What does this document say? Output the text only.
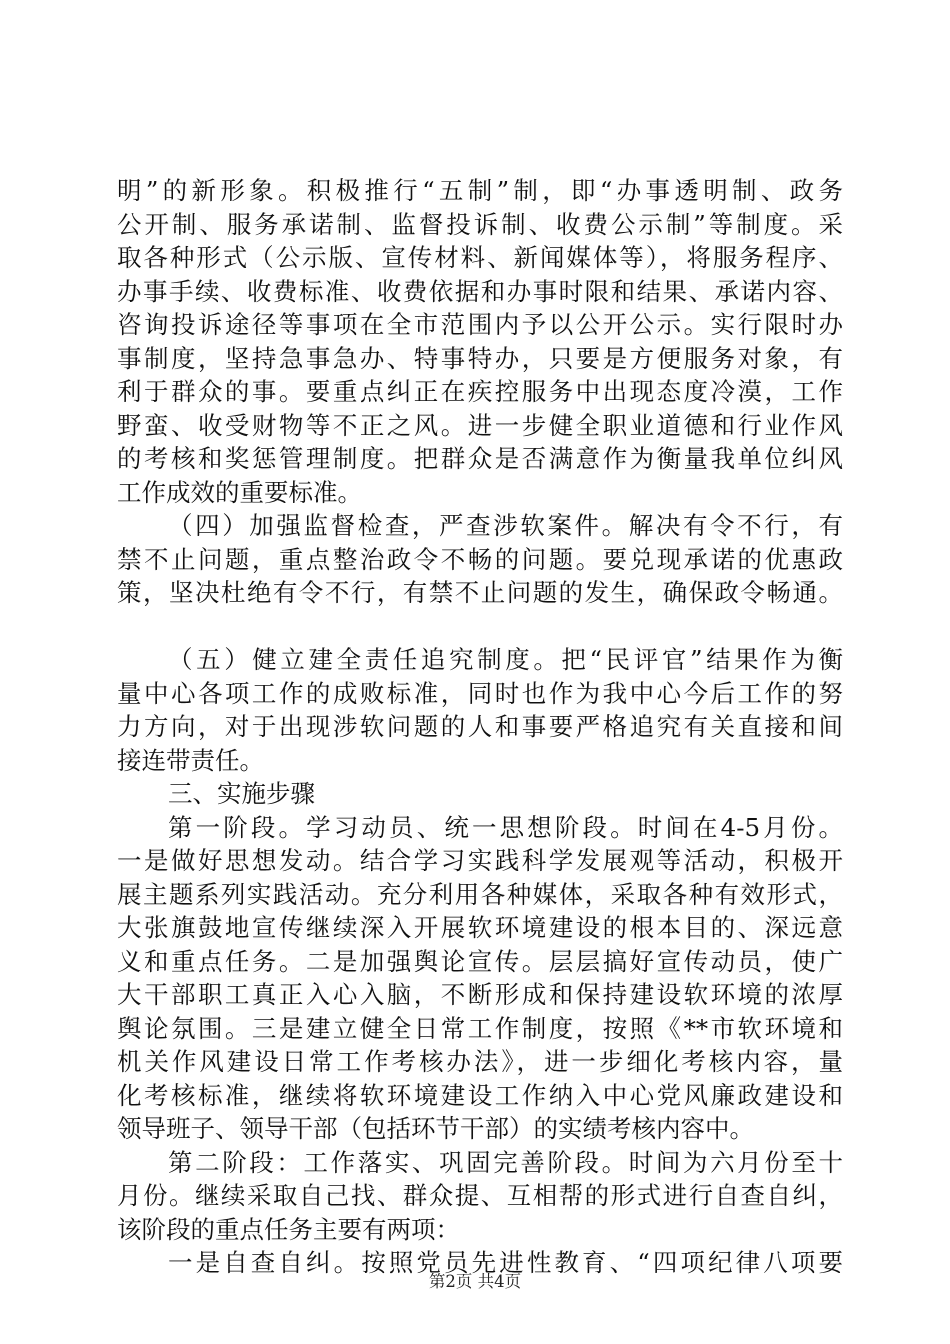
明”的新形象。积极推行“五制”制，即“办事透明制、政务
公开制、服务承诺制、监督投诉制、收费公示制”等制度。采
取各种形式（公示版、宣传材料、新闻媒体等），将服务程序、
办事手续、收费标准、收费依据和办事时限和结果、承诺内容、
咨询投诉途径等事项在全市范围内予以公开公示。实行限时办
事制度，坚持急事急办、特事特办，只要是方便服务对象，有
利于群众的事。要重点纠正在疾控服务中出现态度冷漠，工作
野蛮、收受财物等不正之风。进一步健全职业道德和行业作风
的考核和奖惩管理制度。把群众是否满意作为衡量我单位纠风
工作成效的重要标准。
（四）加强监督检查，严查涉软案件。解决有令不行，有
禁不止问题，重点整治政令不畅的问题。要兑现承诺的优惠政
策，坚决杜绝有令不行，有禁不止问题的发生，确保政令畅通。
（五）健立建全责任追究制度。把“民评官”结果作为衡
量中心各项工作的成败标准，同时也作为我中心今后工作的努
力方向，对于出现涉软问题的人和事要严格追究有关直接和间
接连带责任。
三、实施步骤
第一阶段。学习动员、统一思想阶段。时间在4-5月份。
一是做好思想发动。结合学习实践科学发展观等活动，积极开
展主题系列实践活动。充分利用各种媒体，采取各种有效形式，
大张旗鼓地宣传继续深入开展软环境建设的根本目的、深远意
义和重点任务。二是加强舆论宣传。层层搞好宣传动员，使广
大干部职工真正入心入脑，不断形成和保持建设软环境的浓厚
舆论氛围。三是建立健全日常工作制度，按照《**市软环境和
机关作风建设日常工作考核办法》，进一步细化考核内容，量
化考核标准，继续将软环境建设工作纳入中心党风廉政建设和
领导班子、领导干部（包括环节干部）的实绩考核内容中。
第二阶段：工作落实、巩固完善阶段。时间为六月份至十
月份。继续采取自己找、群众提、互相帮的形式进行自查自纠，
该阶段的重点任务主要有两项：
一是自查自纠。按照党员先进性教育、“四项纪律八项要
第2页 共4页
